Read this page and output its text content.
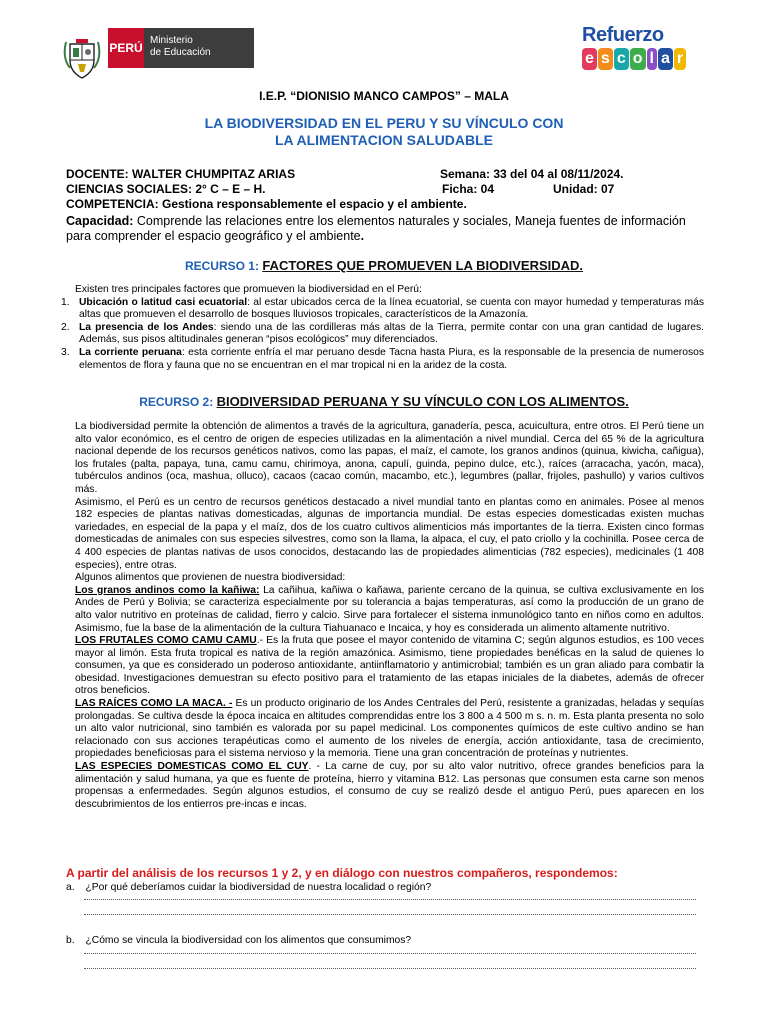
PERÚ
Ministerio
de Educación
Refuerzo
e s c o l a r
I.E.P. “DIONISIO MANCO CAMPOS” – MALA
LA BIODIVERSIDAD EN EL PERU Y SU VÍNCULO CON
LA ALIMENTACION SALUDABLE
DOCENTE: WALTER CHUMPITAZ ARIAS	Semana: 33 del 04 al 08/11/2024.
CIENCIAS SOCIALES: 2° C – E – H.	Ficha: 04	Unidad: 07
COMPETENCIA: Gestiona responsablemente el espacio y el ambiente.
Capacidad: Comprende las relaciones entre los elementos naturales y sociales, Maneja fuentes de información para comprender el espacio geográfico y el ambiente.
RECURSO 1: FACTORES QUE PROMUEVEN LA BIODIVERSIDAD.
Existen tres principales factores que promueven la biodiversidad en el Perú:
1. Ubicación o latitud casi ecuatorial: al estar ubicados cerca de la línea ecuatorial, se cuenta con mayor humedad y temperaturas más altas que promueven el desarrollo de bosques lluviosos tropicales, característicos de la Amazonía.
2. La presencia de los Andes: siendo una de las cordilleras más altas de la Tierra, permite contar con una gran cantidad de lugares. Además, sus pisos altitudinales generan “pisos ecológicos” muy diferenciados.
3. La corriente peruana: esta corriente enfría el mar peruano desde Tacna hasta Piura, es la responsable de la presencia de numerosos elementos de flora y fauna que no se encuentran en el mar tropical ni en la aridez de la costa.
RECURSO 2: BIODIVERSIDAD PERUANA Y SU VÍNCULO CON LOS ALIMENTOS.
La biodiversidad permite la obtención de alimentos a través de la agricultura, ganadería, pesca, acuicultura, entre otros. El Perú tiene un alto valor económico, es el centro de origen de especies utilizadas en la alimentación a nivel mundial. Cerca del 65 % de la agricultura nacional depende de los recursos genéticos nativos, como las papas, el maíz, el camote, los granos andinos (quinua, kiwicha, cañigua), los frutales (palta, papaya, tuna, camu camu, chirimoya, anona, capulí, guinda, pepino dulce, etc.), raíces (arracacha, yacón, maca), tubérculos andinos (oca, mashua, olluco), cacaos (cacao común, macambo, etc.), legumbres (pallar, frijoles, pashullo) y varios cultivos más.
Asimismo, el Perú es un centro de recursos genéticos destacado a nivel mundial tanto en plantas como en animales. Posee al menos 182 especies de plantas nativas domesticadas, algunas de importancia mundial. De estas especies domesticadas existen muchas variedades, en especial de la papa y el maíz, dos de los cuatro cultivos alimenticios más importantes de la tierra. Existen cinco formas domesticadas de animales con sus especies silvestres, como son la llama, la alpaca, el cuy, el pato criollo y la cochinilla. Posee cerca de 4 400 especies de plantas nativas de usos conocidos, destacando las de propiedades alimenticias (782 especies), medicinales (1 408 especies), entre otras.
Algunos alimentos que provienen de nuestra biodiversidad:
Los granos andinos como la kañiwa: La cañihua, kañiwa o kañawa, pariente cercano de la quinua, se cultiva exclusivamente en los Andes de Perú y Bolivia; se caracteriza especialmente por su tolerancia a bajas temperaturas, así como la producción de un grano de alto valor nutritivo en proteínas de calidad, fierro y calcio. Sirve para fortalecer el sistema inmunológico tanto en niños como en adultos. Asimismo, fue la base de la alimentación de la cultura Tiahuanaco e Incaica, y hoy es considerada un alimento altamente nutritivo.
LOS FRUTALES COMO CAMU CAMU.- Es la fruta que posee el mayor contenido de vitamina C; según algunos estudios, es 100 veces mayor al limón. Esta fruta tropical es nativa de la región amazónica. Asimismo, tiene propiedades benéficas en la salud de quienes lo consumen, ya que es considerado un poderoso antioxidante, antiinflamatorio y antimicrobial; también es un gran aliado para combatir la obesidad. Investigaciones demuestran su efecto positivo para el tratamiento de las etapas iniciales de la diabetes, además de ofrecer otros beneficios.
LAS RAÍCES COMO LA MACA. - Es un producto originario de los Andes Centrales del Perú, resistente a granizadas, heladas y sequías prolongadas. Se cultiva desde la época incaica en altitudes comprendidas entre los 3 800 a 4 500 m s. n. m. Esta planta presenta no solo un alto valor nutricional, sino también es valorada por su papel medicinal. Los componentes químicos de este cultivo andino se han relacionado con sus acciones terapéuticas como el aumento de los niveles de energía, acción antioxidante, tasa de crecimiento, propiedades beneficiosas para el sistema nervioso y la memoria. Tiene una gran concentración de proteínas y nutrientes.
LAS ESPECIES DOMESTICAS COMO EL CUY. - La carne de cuy, por su alto valor nutritivo, ofrece grandes beneficios para la alimentación y salud humana, ya que es fuente de proteína, hierro y vitamina B12. Las personas que consumen esta carne son menos propensas a enfermedades. Según algunos estudios, el consumo de cuy se realizó desde el antiguo Perú, pues aparecen en los descubrimientos de los entierros pre-incas e incas.
A partir del análisis de los recursos 1 y 2, y en diálogo con nuestros compañeros, respondemos:
a. ¿Por qué deberíamos cuidar la biodiversidad de nuestra localidad o región?
b. ¿Cómo se vincula la biodiversidad con los alimentos que consumimos?
